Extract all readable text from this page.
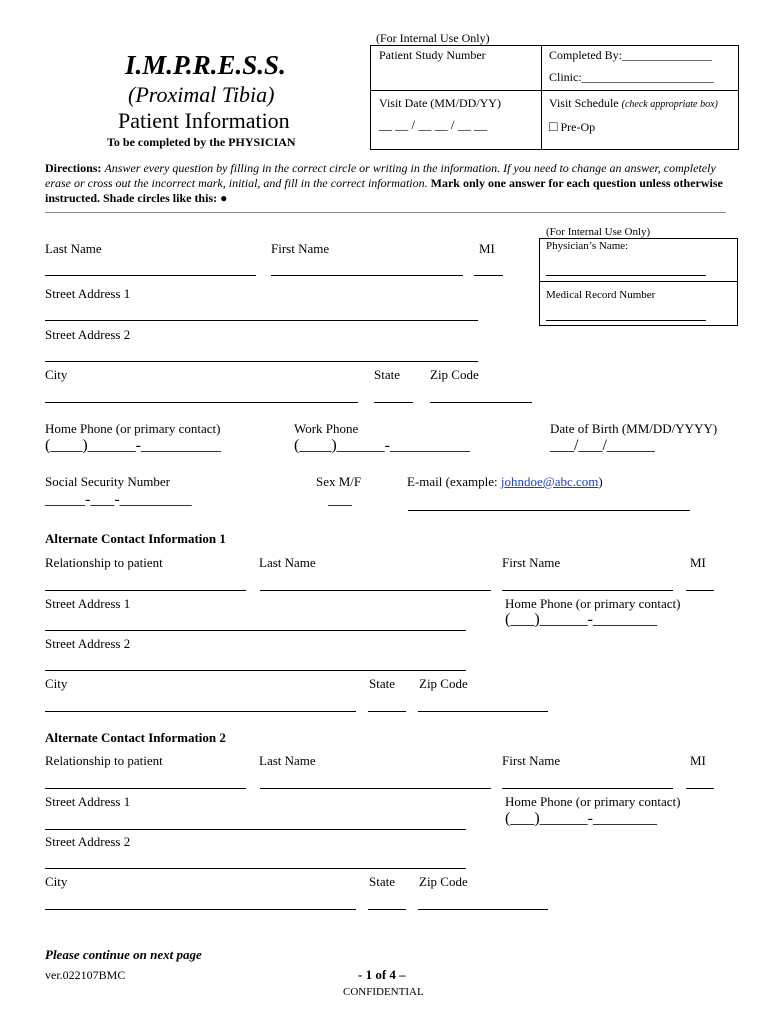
I.M.P.R.E.S.S.
(Proximal Tibia)
Patient Information
To be completed by the PHYSICIAN
(For Internal Use Only)
Patient Study Number	Completed By:_______________
Clinic:______________________
Visit Date (MM/DD/YY)
__ __ / __ __ / __ __
Visit Schedule (check appropriate box)
□ Pre-Op
Directions: Answer every question by filling in the correct circle or writing in the information. If you need to change an answer, completely erase or cross out the incorrect mark, initial, and fill in the correct information. Mark only one answer for each question unless otherwise instructed. Shade circles like this: ●
(For Internal Use Only)
Physician’s Name:
Medical Record Number
Last Name	First Name	MI
Street Address 1
Street Address 2
City	State Zip Code
Home Phone (or primary contact)	Work Phone	Date of Birth (MM/DD/YYYY)
(____)______-__________	(____)______-__________	___/___/______
Social Security Number	Sex M/F	E-mail (example: johndoe@abc.com)
_____-___-_________	___
Alternate Contact Information 1
Relationship to patient	Last Name	First Name	MI
Street Address 1	Home Phone (or primary contact)
(___)______-________
Street Address 2
City	State Zip Code
Alternate Contact Information 2
Relationship to patient	Last Name	First Name	MI
Street Address 1	Home Phone (or primary contact)
(___)______-________
Street Address 2
City	State Zip Code
Please continue on next page
ver.022107BMC	- 1 of 4 –
CONFIDENTIAL
